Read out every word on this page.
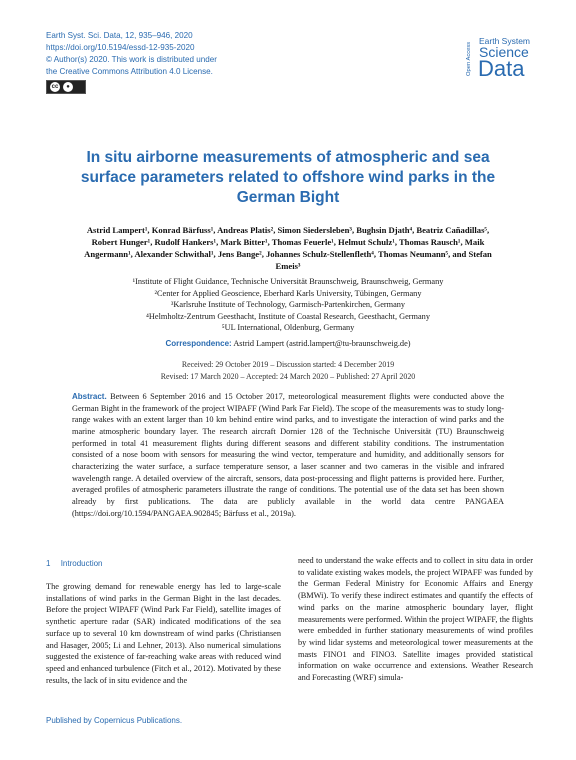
Earth Syst. Sci. Data, 12, 935–946, 2020
https://doi.org/10.5194/essd-12-935-2020
© Author(s) 2020. This work is distributed under
the Creative Commons Attribution 4.0 License.
cc	●
Open Access
Earth System
Science
Data
In situ airborne measurements of atmospheric and sea surface parameters related to offshore wind parks in the German Bight
Astrid Lampert¹, Konrad Bärfuss¹, Andreas Platis², Simon Siedersleben³, Bughsin Djath⁴, Beatriz Cañadillas⁵, Robert Hunger¹, Rudolf Hankers¹, Mark Bitter¹, Thomas Feuerle¹, Helmut Schulz¹, Thomas Rausch¹, Maik Angermann¹, Alexander Schwithal¹, Jens Bange², Johannes Schulz-Stellenfleth⁴, Thomas Neumann⁵, and Stefan Emeis³
¹Institute of Flight Guidance, Technische Universität Braunschweig, Braunschweig, Germany
²Center for Applied Geoscience, Eberhard Karls University, Tübingen, Germany
³Karlsruhe Institute of Technology, Garmisch-Partenkirchen, Germany
⁴Helmholtz-Zentrum Geesthacht, Institute of Coastal Research, Geesthacht, Germany
⁵UL International, Oldenburg, Germany
Correspondence: Astrid Lampert (astrid.lampert@tu-braunschweig.de)
Received: 29 October 2019 – Discussion started: 4 December 2019
Revised: 17 March 2020 – Accepted: 24 March 2020 – Published: 27 April 2020
Abstract. Between 6 September 2016 and 15 October 2017, meteorological measurement flights were conducted above the German Bight in the framework of the project WIPAFF (Wind Park Far Field). The scope of the measurements was to study long-range wakes with an extent larger than 10 km behind entire wind parks, and to investigate the interaction of wind parks and the marine atmospheric boundary layer. The research aircraft Dornier 128 of the Technische Universität (TU) Braunschweig performed in total 41 measurement flights during different seasons and different stability conditions. The instrumentation consisted of a nose boom with sensors for measuring the wind vector, temperature and humidity, and additionally sensors for characterizing the water surface, a surface temperature sensor, a laser scanner and two cameras in the visible and infrared wavelength range. A detailed overview of the aircraft, sensors, data post-processing and flight patterns is provided here. Further, averaged profiles of atmospheric parameters illustrate the range of conditions. The potential use of the data set has been shown already by first publications. The data are publicly available in the world data centre PANGAEA (https://doi.org/10.1594/PANGAEA.902845; Bärfuss et al., 2019a).
1 Introduction
The growing demand for renewable energy has led to large-scale installations of wind parks in the German Bight in the last decades. Before the project WIPAFF (Wind Park Far Field), satellite images of synthetic aperture radar (SAR) indicated modifications of the sea surface up to several 10 km downstream of wind parks (Christiansen and Hasager, 2005; Li and Lehner, 2013). Also numerical simulations suggested the existence of far-reaching wake areas with reduced wind speed and enhanced turbulence (Fitch et al., 2012). Motivated by these results, the lack of in situ evidence and the
need to understand the wake effects and to collect in situ data in order to validate existing wakes models, the project WIPAFF was funded by the German Federal Ministry for Economic Affairs and Energy (BMWi). To verify these indirect estimates and quantify the effects of wind parks on the marine atmospheric boundary layer, flight measurements were performed. Within the project WIPAFF, the flights were embedded in further stationary measurements of wind profiles by wind lidar systems and meteorological tower measurements at the masts FINO1 and FINO3. Satellite images provided statistical information on wake occurrence and extensions. Weather Research and Forecasting (WRF) simula-
Published by Copernicus Publications.
